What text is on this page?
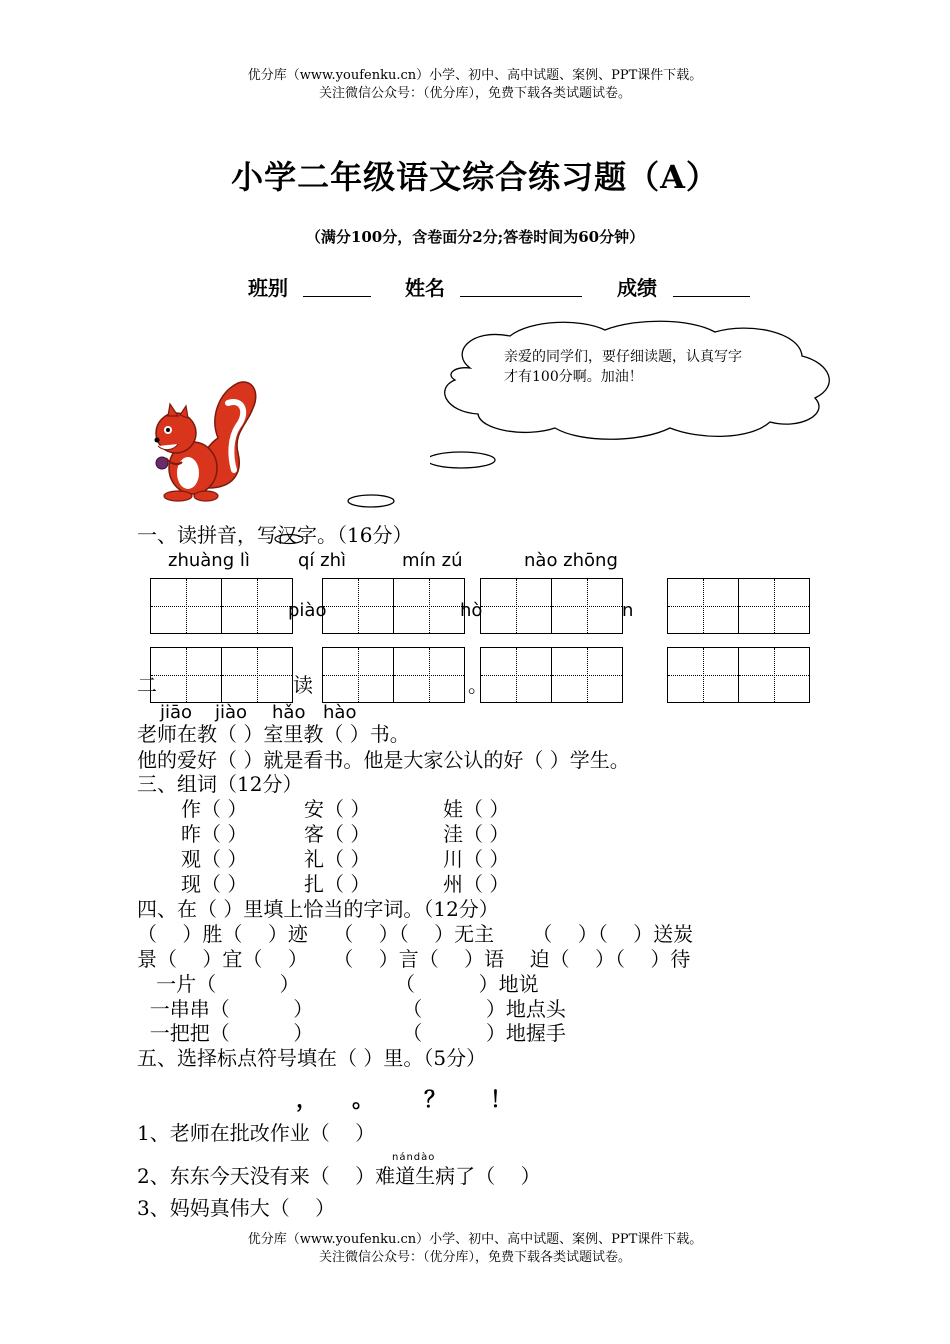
优分库（www.youfenku.cn）小学、初中、高中试题、案例、PPT课件下载。
关注微信公众号：（优分库），免费下载各类试题试卷。
小学二年级语文综合练习题（A）
（满分100分，含卷面分2分;答卷时间为60分钟）
班别	姓名	成绩
亲爱的同学们，要仔细读题，认真写字才有100分啊。加油！
一、读拼音，写汉字。（16分）
zhuàng lì	qí zhì	mín zú	nào zhōng
piào	hò	n
二	读	。
jiāo jiào hǎo hào
老师在教（ ）室里教（ ）书。
他的爱好（ ）就是看书。他是大家公认的好（ ）学生。
三、组词（12分）
作（ ）	安（ ）	娃（ ）
昨（ ）	客（ ）	洼（ ）
观（ ）	礼（ ）	川（ ）
现（ ）	扎（ ）	州（ ）
四、在（ ）里填上恰当的字词。（12分）
（    ）胜（    ）迹    （    ）（    ）无主      （    ）（    ）送炭
景（    ）宜（    ）    （    ）言（    ）语    迫（    ）（    ）待
一片（          ）               （          ）地说
一串串（          ）              （          ）地点头
一把把（          ）              （          ）地握手
五、选择标点符号填在（ ）里。（5分）
， 。 ？ ！
1、老师在批改作业（    ）
nándào
2、东东今天没有来（    ）难道生病了（    ）
3、妈妈真伟大（    ）
优分库（www.youfenku.cn）小学、初中、高中试题、案例、PPT课件下载。
关注微信公众号：（优分库），免费下载各类试题试卷。
